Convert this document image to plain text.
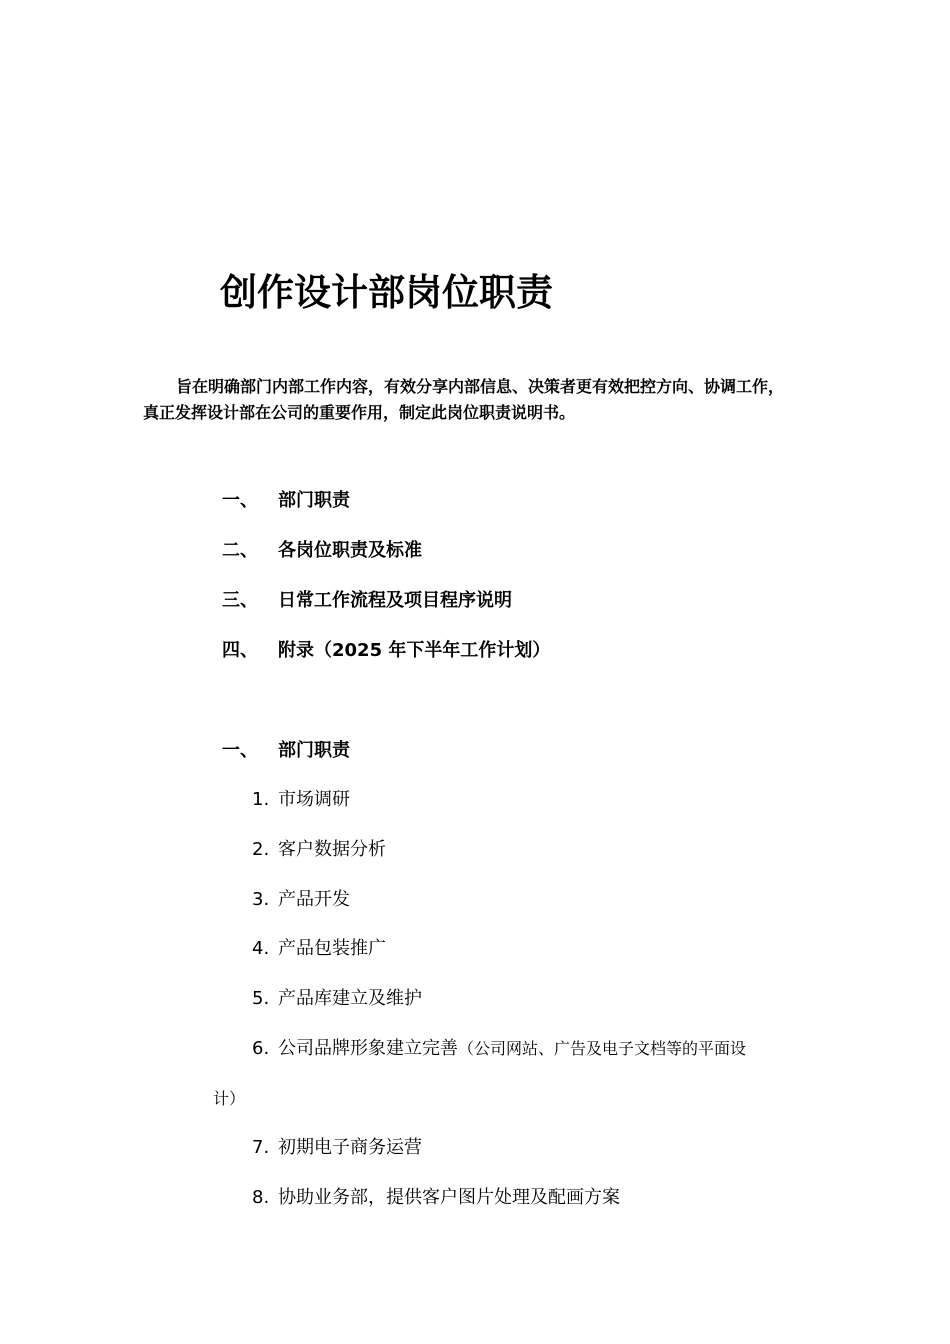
创作设计部岗位职责
旨在明确部门内部工作内容，有效分享内部信息、决策者更有效把控方向、协调工作，
真正发挥设计部在公司的重要作用，制定此岗位职责说明书。
一、 部门职责
二、 各岗位职责及标准
三、 日常工作流程及项目程序说明
四、 附录（2025 年下半年工作计划）
一、 部门职责
1. 市场调研
2. 客户数据分析
3. 产品开发
4. 产品包装推广
5. 产品库建立及维护
6. 公司品牌形象建立完善（公司网站、广告及电子文档等的平面设
计）
7. 初期电子商务运营
8. 协助业务部，提供客户图片处理及配画方案
